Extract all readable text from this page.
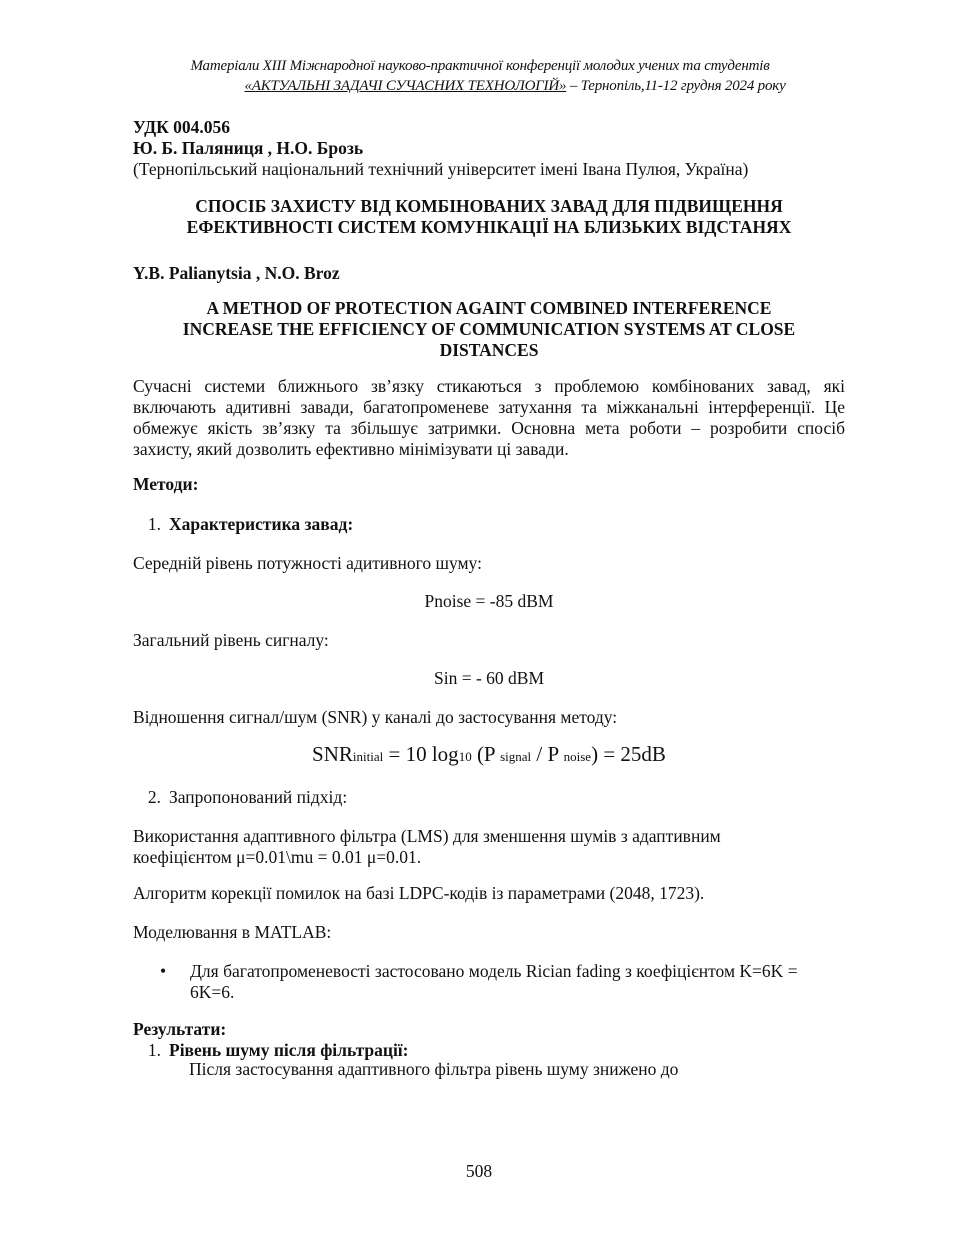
Матеріали XIII Міжнародної науково-практичної конференції молодих учених та студентів
«АКТУАЛЬНІ ЗАДАЧІ СУЧАСНИХ ТЕХНОЛОГІЙ» – Тернопіль,11-12 грудня 2024 року
УДК 004.056
Ю. Б. Паляниця , Н.О. Брозь
(Тернопільський національний технічний університет імені Івана Пулюя, Україна)
СПОСІБ ЗАХИСТУ ВІД КОМБІНОВАНИХ ЗАВАД ДЛЯ ПІДВИЩЕННЯ
ЕФЕКТИВНОСТІ СИСТЕМ КОМУНІКАЦІЇ НА БЛИЗЬКИХ ВІДСТАНЯХ
Y.B. Palianytsia , N.O. Broz
A METHOD OF PROTECTION AGAINT COMBINED INTERFERENCE
INCREASE THE EFFICIENCY OF COMMUNICATION SYSTEMS AT CLOSE
DISTANCES
Сучасні системи ближнього зв’язку стикаються з проблемою комбінованих завад, які включають адитивні завади, багатопроменеве затухання та міжканальні інтерференції. Це обмежує якість зв’язку та збільшує затримки. Основна мета роботи – розробити спосіб захисту, який дозволить ефективно мінімізувати ці завади.
Методи:
1. Характеристика завад:
Середній рівень потужності адитивного шуму:
Pnoise = -85 dBM
Загальний рівень сигналу:
Sin = - 60 dBM
Відношення сигнал/шум (SNR) у каналі до застосування методу:
SNRinitial = 10 log10 (P signal / P noise) = 25dB
2. Запропонований підхід:
Використання адаптивного фільтра (LMS) для зменшення шумів з адаптивним коефіцієнтом μ=0.01\mu = 0.01 μ=0.01.
Алгоритм корекції помилок на базі LDPC-кодів із параметрами (2048, 1723).
Моделювання в MATLAB:
• Для багатопроменевості застосовано модель Rician fading з коефіцієнтом K=6K = 6K=6.
Результати:
1. Рівень шуму після фільтрації:
Після застосування адаптивного фільтра рівень шуму знижено до
508
